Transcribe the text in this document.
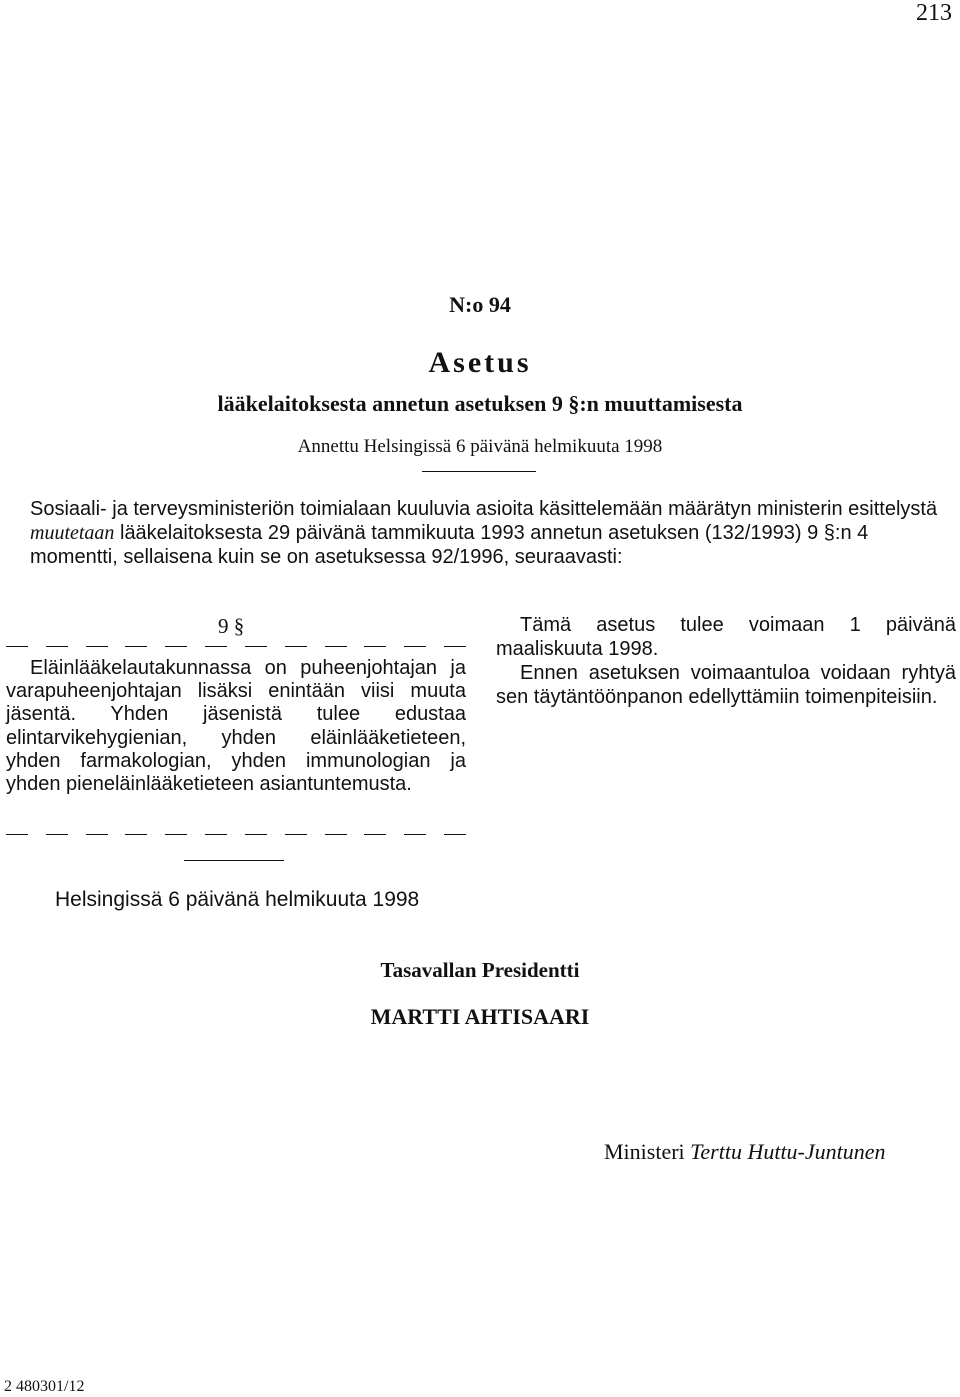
213
N:o 94
Asetus
lääkelaitoksesta annetun asetuksen 9 §:n muuttamisesta
Annettu Helsingissä 6 päivänä helmikuuta 1998
Sosiaali- ja terveysministeriön toimialaan kuuluvia asioita käsittelemään määrätyn ministerin esittelystä
muutetaan lääkelaitoksesta 29 päivänä tammikuuta 1993 annetun asetuksen (132/1993) 9 §:n 4 momentti, sellaisena kuin se on asetuksessa 92/1996, seuraavasti:
9 §
Eläinlääkelautakunnassa on puheenjohtajan ja varapuheenjohtajan lisäksi enintään viisi muuta jäsentä. Yhden jäsenistä tulee edustaa elintarvikehygienian, yhden eläinlääketieteen, yhden farmakologian, yhden immunologian ja yhden pieneläinlääketieteen asiantuntemusta.
Tämä asetus tulee voimaan 1 päivänä maaliskuuta 1998.
Ennen asetuksen voimaantuloa voidaan ryhtyä sen täytäntöönpanon edellyttämiin toimenpiteisiin.
Helsingissä 6 päivänä helmikuuta 1998
Tasavallan Presidentti
MARTTI AHTISAARI
Ministeri Terttu Huttu-Juntunen
2 480301/12
